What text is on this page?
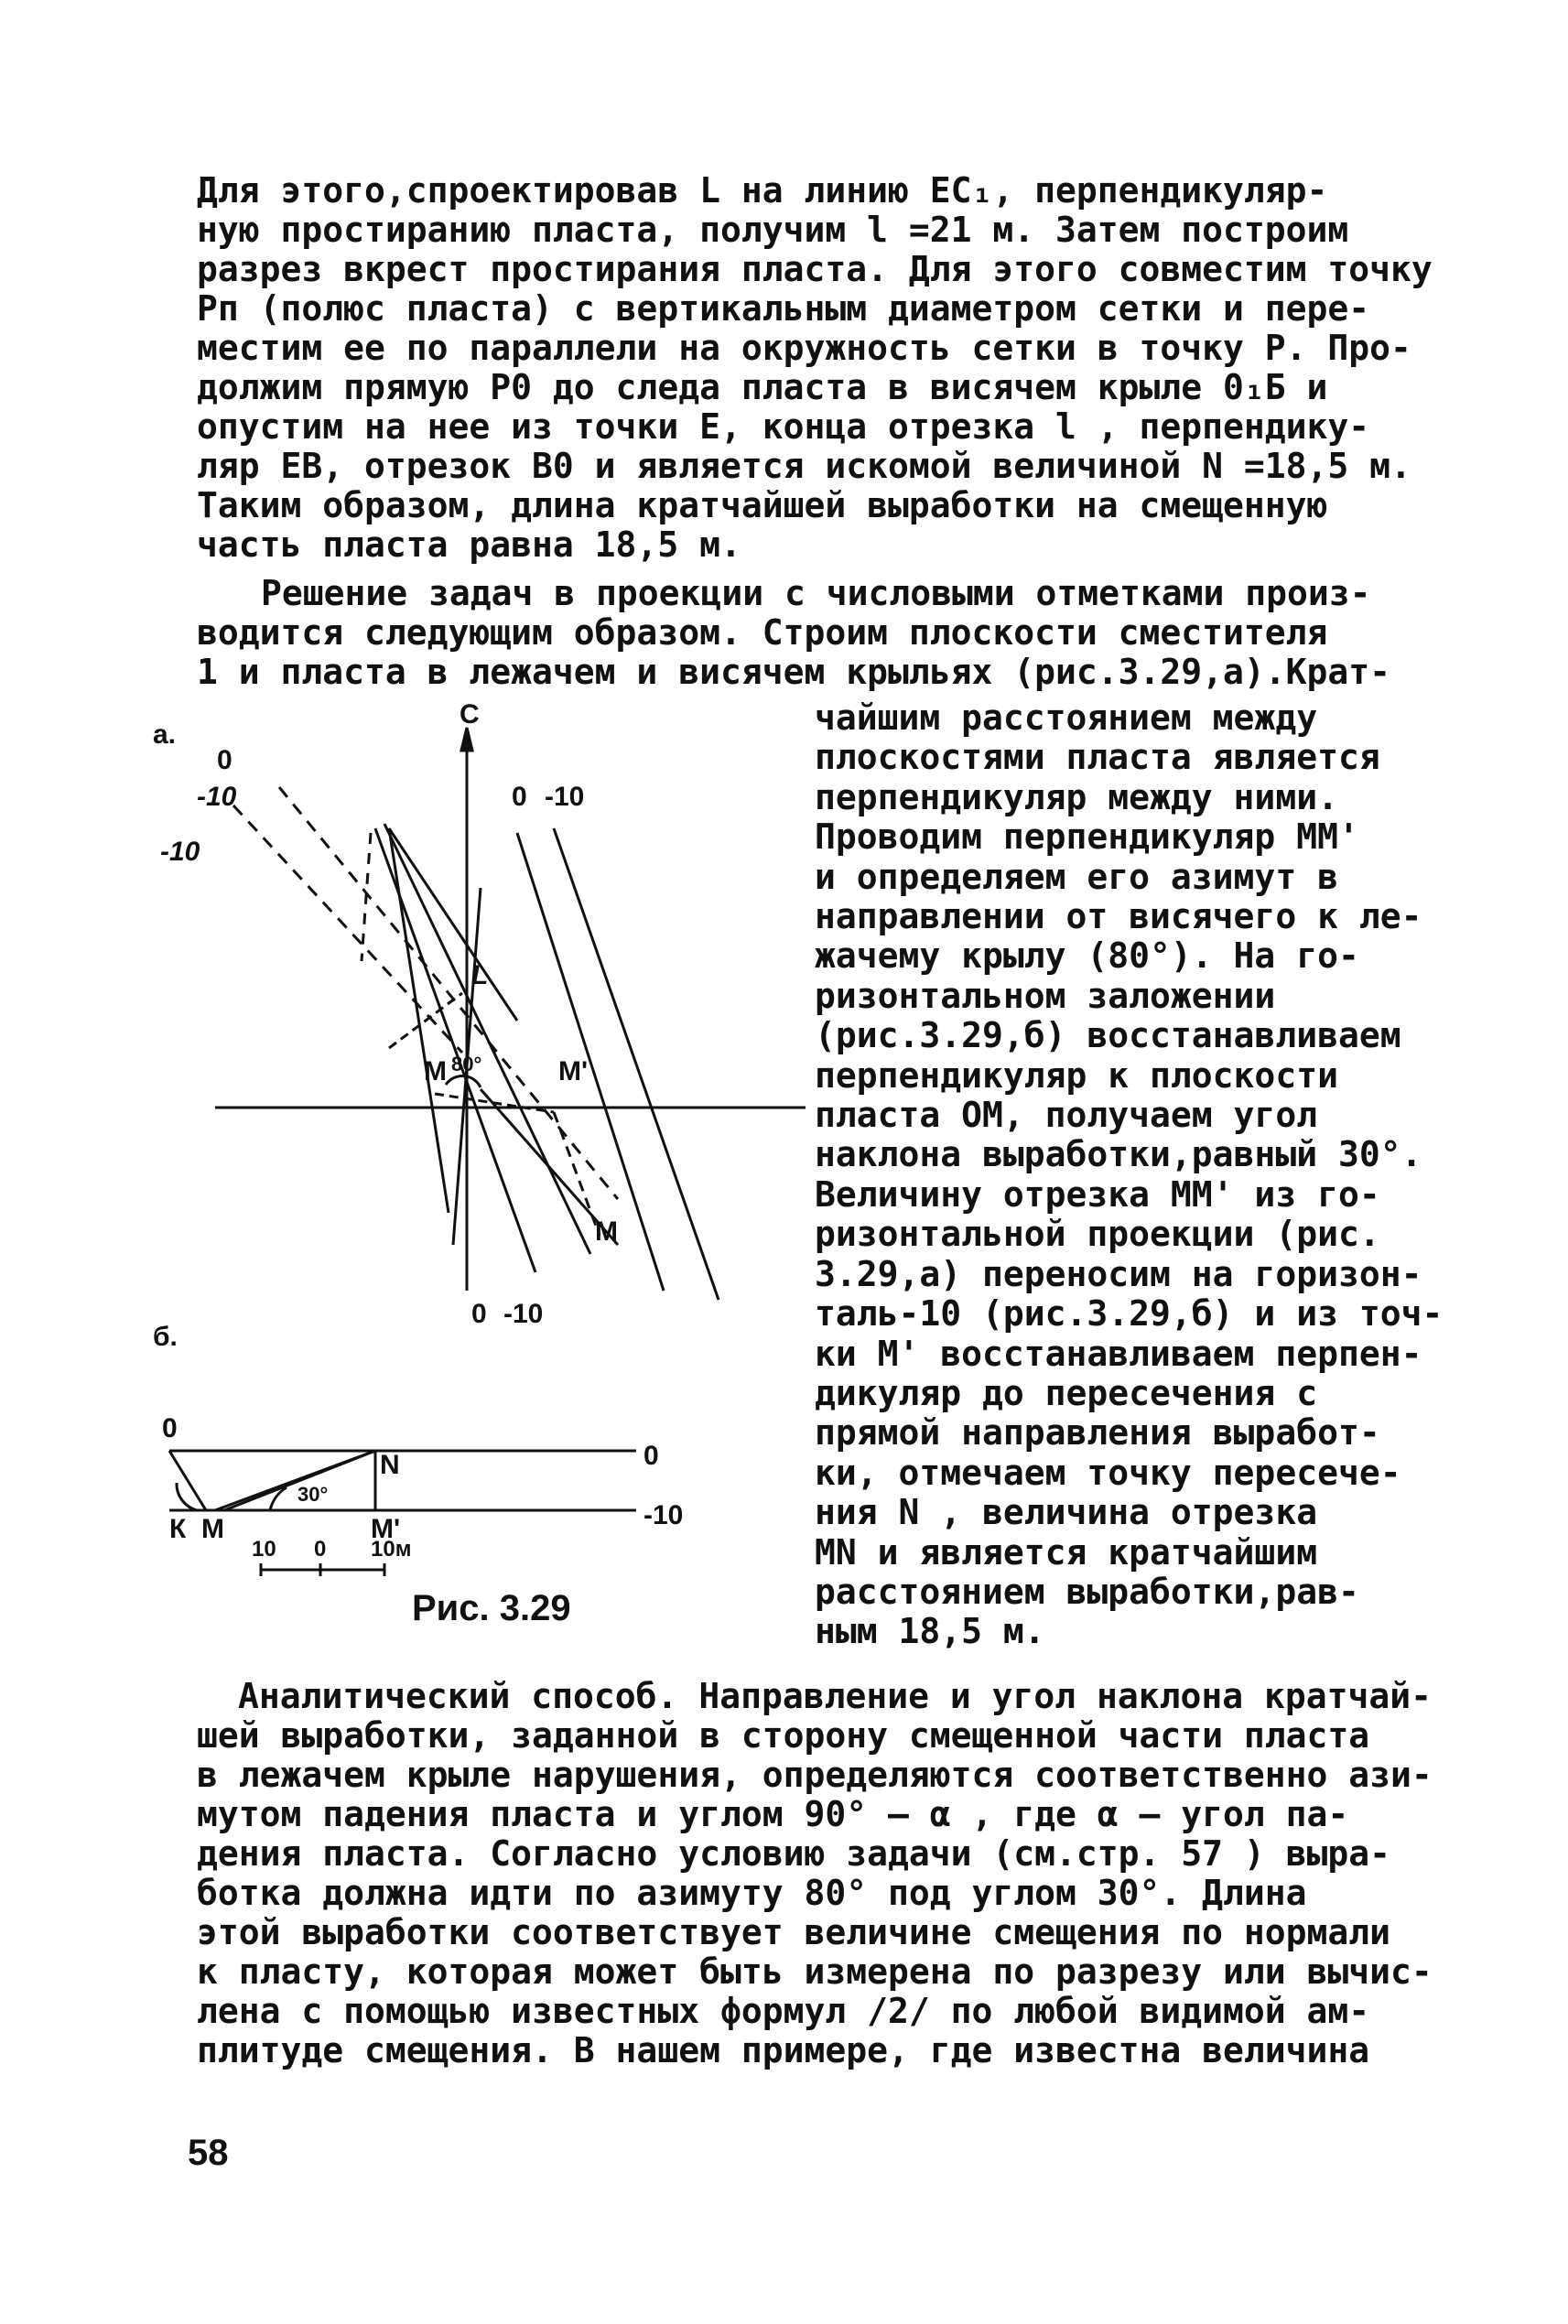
Для этого,спроектировав L на линию ЕС₁, перпендикуляр-
ную простиранию пласта, получим l =21 м. Затем построим
разрез вкрест простирания пласта. Для этого совместим точку
Рп (полюс пласта) с вертикальным диаметром сетки и пере-
местим ее по параллели на окружность сетки в точку Р. Про-
должим прямую Р0 до следа пласта в висячем крыле 0₁Б и
опустим на нее из точки Е, конца отрезка l , перпендику-
ляр ЕВ, отрезок В0 и является искомой величиной N =18,5 м.
Таким образом, длина кратчайшей выработки на смещенную
часть пласта равна 18,5 м.
Решение задач в проекции с числовыми отметками произ-
водится следующим образом. Строим плоскости сместителя
1 и пласта в лежачем и висячем крыльях (рис.3.29,а).Крат-
а.
С
0
-10
-10
0 -10
L
М 80°	М'
М
0 -10
б.
0
0
-10
N
30°
К М	М'
10 0 10м
Рис. 3.29
чайшим расстоянием между
плоскостями пласта является
перпендикуляр между ними.
Проводим перпендикуляр ММ'
и определяем его азимут в
направлении от висячего к ле-
жачему крылу (80°). На го-
ризонтальном заложении
(рис.3.29,б) восстанавливаем
перпендикуляр к плоскости
пласта ОМ, получаем угол
наклона выработки,равный 30°.
Величину отрезка ММ' из го-
ризонтальной проекции (рис.
3.29,а) переносим на горизон-
таль-10 (рис.3.29,б) и из точ-
ки М' восстанавливаем перпен-
дикуляр до пересечения с
прямой направления выработ-
ки, отмечаем точку пересече-
ния N , величина отрезка
MN и является кратчайшим
расстоянием выработки,рав-
ным 18,5 м.
Аналитический способ. Направление и угол наклона кратчай-
шей выработки, заданной в сторону смещенной части пласта
в лежачем крыле нарушения, определяются соответственно ази-
мутом падения пласта и углом 90° – α , где α – угол па-
дения пласта. Согласно условию задачи (см.стр. 57 ) выра-
ботка должна идти по азимуту 80° под углом 30°. Длина
этой выработки соответствует величине смещения по нормали
к пласту, которая может быть измерена по разрезу или вычис-
лена с помощью известных формул /2/ по любой видимой ам-
плитуде смещения. В нашем примере, где известна величина
58
